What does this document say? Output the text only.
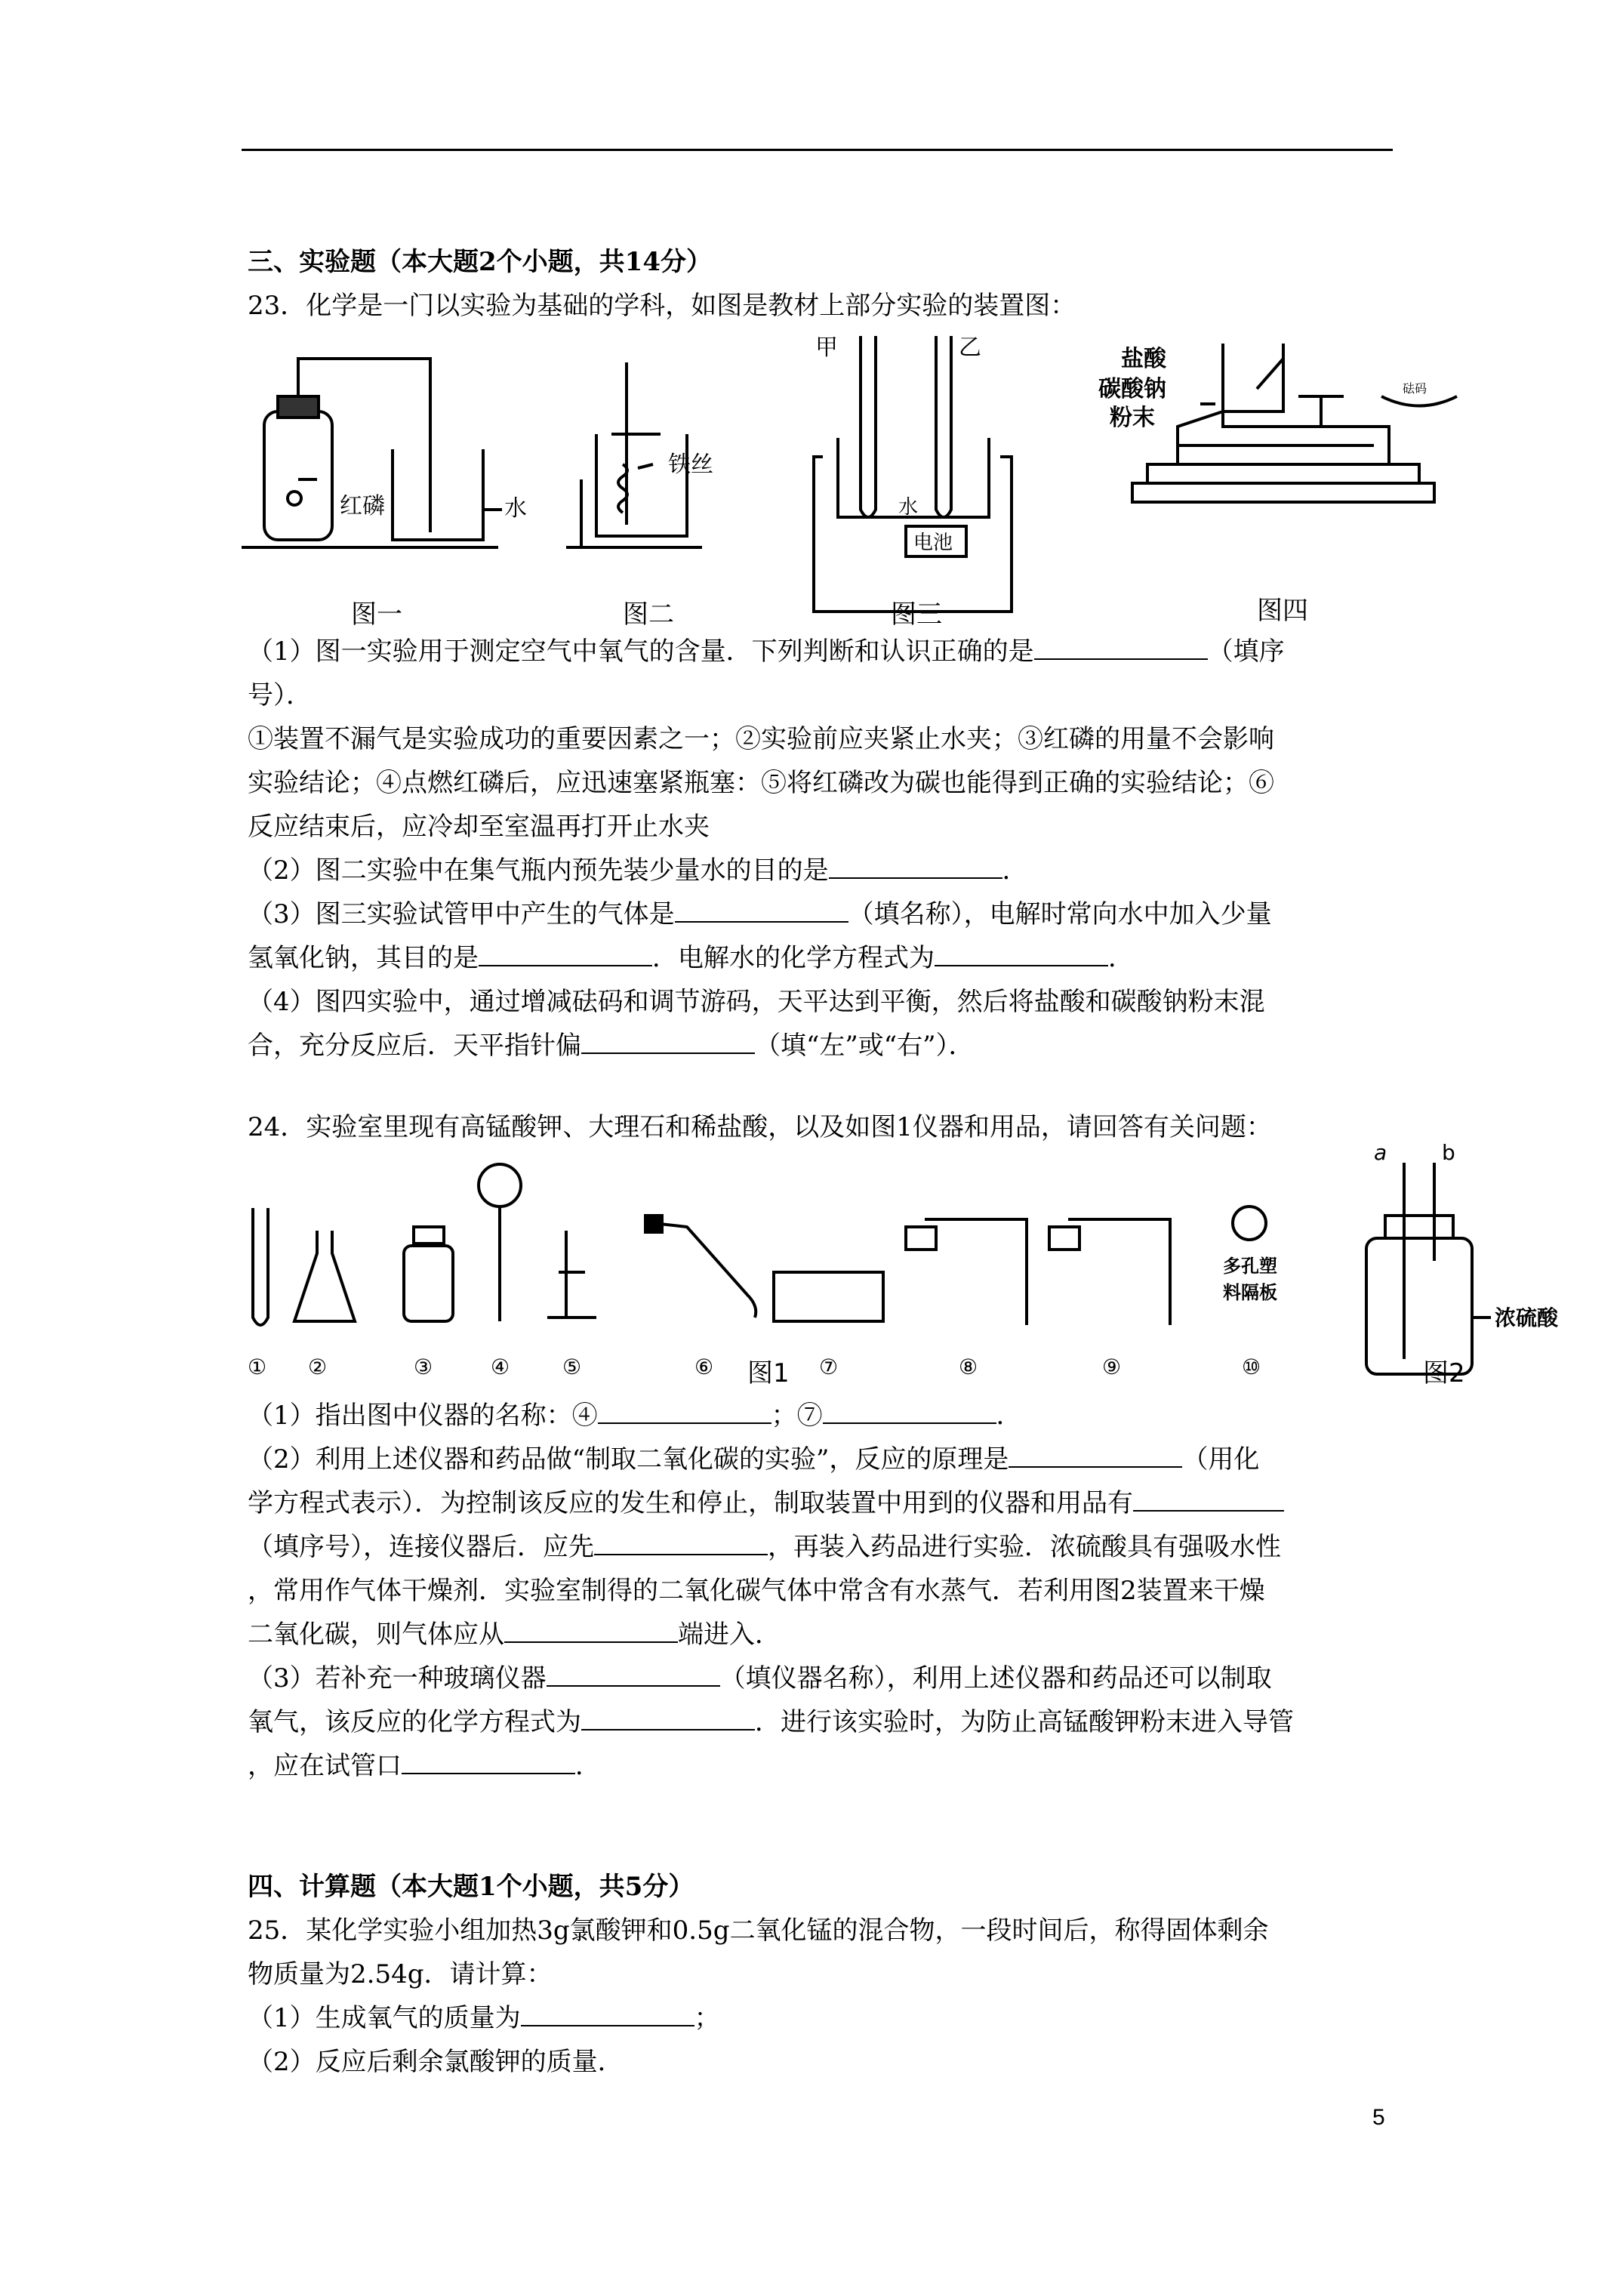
三、实验题（本大题2个小题，共14分）
23．化学是一门以实验为基础的学科，如图是教材上部分实验的装置图：
红磷	水
图一
铁丝
图二
甲	乙
水
电池
图三
盐酸
碳酸钠
粉末
砝码
图四
（1）图一实验用于测定空气中氧气的含量．下列判断和认识正确的是	（填序
号）．
①装置不漏气是实验成功的重要因素之一；②实验前应夹紧止水夹；③红磷的用量不会影响
实验结论；④点燃红磷后，应迅速塞紧瓶塞：⑤将红磷改为碳也能得到正确的实验结论；⑥
反应结束后，应冷却至室温再打开止水夹
（2）图二实验中在集气瓶内预先装少量水的目的是	．
（3）图三实验试管甲中产生的气体是	（填名称），电解时常向水中加入少量
氢氧化钠，其目的是	．电解水的化学方程式为	．
（4）图四实验中，通过增减砝码和调节游码，天平达到平衡，然后将盐酸和碳酸钠粉末混
合，充分反应后．天平指针偏	（填“左”或“右”）．
24．实验室里现有高锰酸钾、大理石和稀盐酸，以及如图1仪器和用品，请回答有关问题：
① ②	③	④ ⑤	⑥	⑦	⑧	⑨	⑩
多孔塑
料隔板
图1
a	b
浓硫酸
图2
（1）指出图中仪器的名称：④	；⑦	．
（2）利用上述仪器和药品做“制取二氧化碳的实验”，反应的原理是	（用化
学方程式表示）．为控制该反应的发生和停止，制取装置中用到的仪器和用品有
（填序号），连接仪器后．应先	，再装入药品进行实验．浓硫酸具有强吸水性
，常用作气体干燥剂．实验室制得的二氧化碳气体中常含有水蒸气．若利用图2装置来干燥
二氧化碳，则气体应从	端进入．
（3）若补充一种玻璃仪器	（填仪器名称），利用上述仪器和药品还可以制取
氧气，该反应的化学方程式为	．进行该实验时，为防止高锰酸钾粉末进入导管
，应在试管口	．
四、计算题（本大题1个小题，共5分）
25．某化学实验小组加热3g氯酸钾和0.5g二氧化锰的混合物，一段时间后，称得固体剩余
物质量为2.54g．请计算：
（1）生成氧气的质量为	；
（2）反应后剩余氯酸钾的质量．
5
